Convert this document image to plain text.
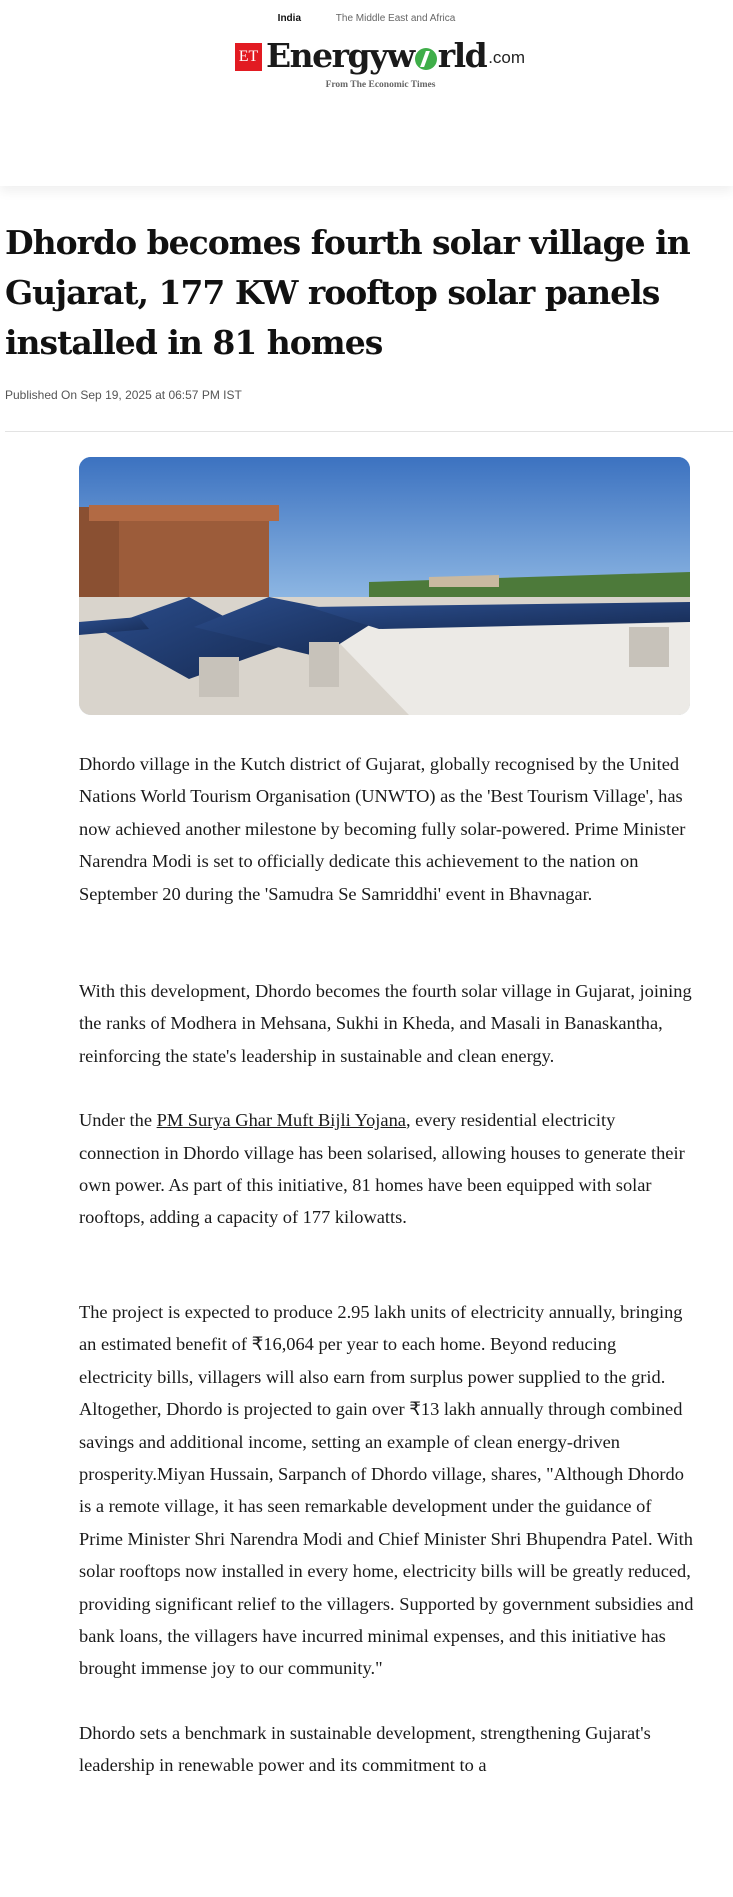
India	The Middle East and Africa
ET Energyw rld .com
From The Economic Times
Dhordo becomes fourth solar village in Gujarat, 177 KW rooftop solar panels installed in 81 homes
Published On Sep 19, 2025 at 06:57 PM IST

Dhordo village in the Kutch district of Gujarat, globally recognised by the United Nations World Tourism Organisation (UNWTO) as the 'Best Tourism Village', has now achieved another milestone by becoming fully solar-powered. Prime Minister Narendra Modi is set to officially dedicate this achievement to the nation on September 20 during the 'Samudra Se Samriddhi' event in Bhavnagar.

With this development, Dhordo becomes the fourth solar village in Gujarat, joining the ranks of Modhera in Mehsana, Sukhi in Kheda, and Masali in Banaskantha, reinforcing the state's leadership in sustainable and clean energy.

Under the PM Surya Ghar Muft Bijli Yojana, every residential electricity connection in Dhordo village has been solarised, allowing houses to generate their own power. As part of this initiative, 81 homes have been equipped with solar rooftops, adding a capacity of 177 kilowatts.

The project is expected to produce 2.95 lakh units of electricity annually, bringing an estimated benefit of ₹16,064 per year to each home. Beyond reducing electricity bills, villagers will also earn from surplus power supplied to the grid. Altogether, Dhordo is projected to gain over ₹13 lakh annually through combined savings and additional income, setting an example of clean energy-driven prosperity.Miyan Hussain, Sarpanch of Dhordo village, shares, "Although Dhordo is a remote village, it has seen remarkable development under the guidance of Prime Minister Shri Narendra Modi and Chief Minister Shri Bhupendra Patel. With solar rooftops now installed in every home, electricity bills will be greatly reduced, providing significant relief to the villagers. Supported by government subsidies and bank loans, the villagers have incurred minimal expenses, and this initiative has brought immense joy to our community."

Dhordo sets a benchmark in sustainable development, strengthening Gujarat's leadership in renewable power and its commitment to a
